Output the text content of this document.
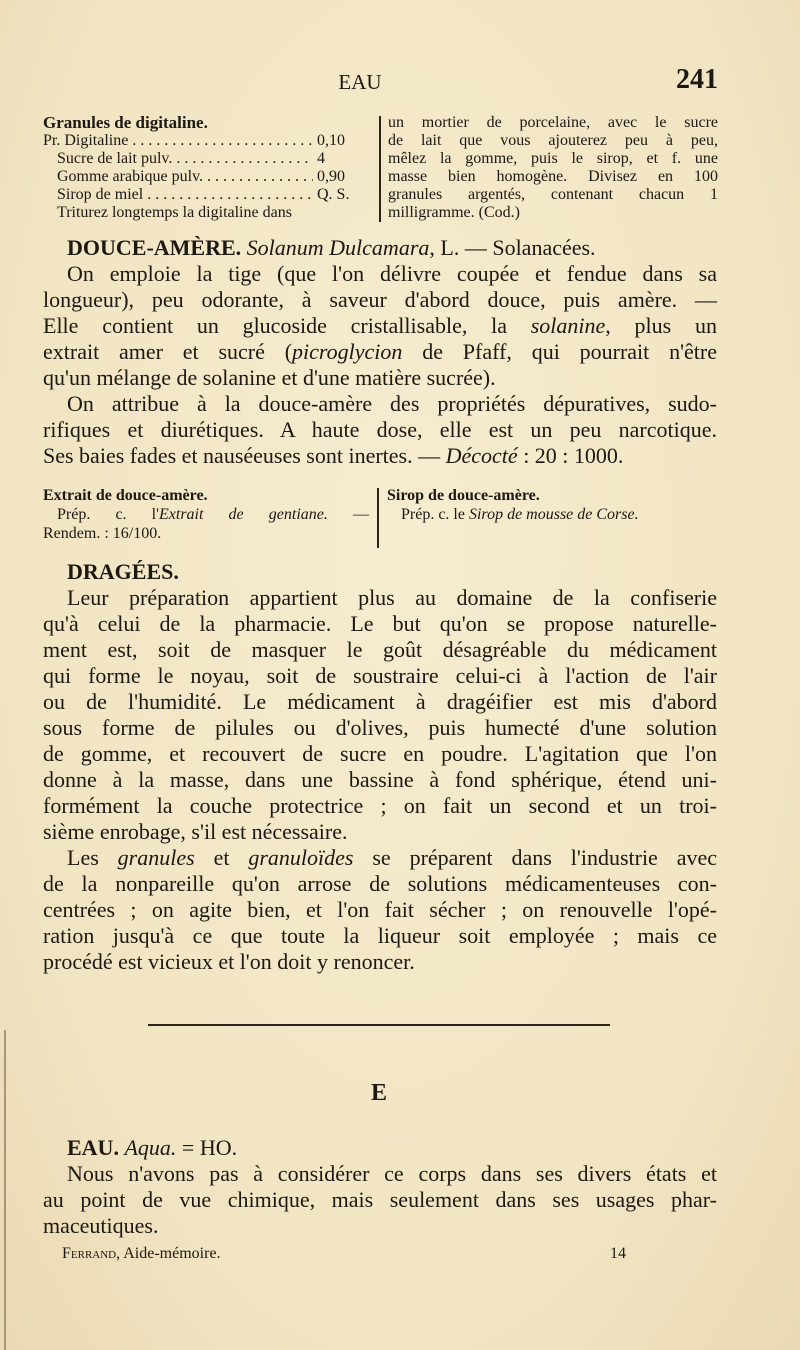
EAU	241
Granules de digitaline.
Pr. Digitaline . . .	0,10
Sucre de lait pulv. . . .	4
Gomme arabique pulv. . . .	0,90
Sirop de miel . . .	Q. S.
Triturez longtemps la digitaline dans
un mortier de porcelaine, avec le sucre
de lait que vous ajouterez peu à peu,
mêlez la gomme, puis le sirop, et f. une
masse bien homogène. Divisez en 100
granules argentés, contenant chacun 1
milligramme. (Cod.)
DOUCE-AMÈRE. Solanum Dulcamara, L. — Solanacées.
On emploie la tige (que l'on délivre coupée et fendue dans sa
longueur), peu odorante, à saveur d'abord douce, puis amère. —
Elle contient un glucoside cristallisable, la solanine, plus un
extrait amer et sucré (picroglycion de Pfaff, qui pourrait n'être
qu'un mélange de solanine et d'une matière sucrée).
On attribue à la douce-amère des propriétés dépuratives, sudo-
rifiques et diurétiques. A haute dose, elle est un peu narcotique.
Ses baies fades et nauséeuses sont inertes. — Décocté : 20 : 1000.
Extrait de douce-amère.
Prép. c. l'Extrait de gentiane. —
Rendem. : 16/100.
Sirop de douce-amère.
Prép. c. le Sirop de mousse de Corse.
DRAGÉES.
Leur préparation appartient plus au domaine de la confiserie
qu'à celui de la pharmacie. Le but qu'on se propose naturelle-
ment est, soit de masquer le goût désagréable du médicament
qui forme le noyau, soit de soustraire celui-ci à l'action de l'air
ou de l'humidité. Le médicament à dragéifier est mis d'abord
sous forme de pilules ou d'olives, puis humecté d'une solution
de gomme, et recouvert de sucre en poudre. L'agitation que l'on
donne à la masse, dans une bassine à fond sphérique, étend uni-
formément la couche protectrice ; on fait un second et un troi-
sième enrobage, s'il est nécessaire.
Les granules et granuloïdes se préparent dans l'industrie avec
de la nonpareille qu'on arrose de solutions médicamenteuses con-
centrées ; on agite bien, et l'on fait sécher ; on renouvelle l'opé-
ration jusqu'à ce que toute la liqueur soit employée ; mais ce
procédé est vicieux et l'on doit y renoncer.
E
EAU. Aqua. = HO.
Nous n'avons pas à considérer ce corps dans ses divers états et
au point de vue chimique, mais seulement dans ses usages phar-
maceutiques.
Ferrand, Aide-mémoire.	14
